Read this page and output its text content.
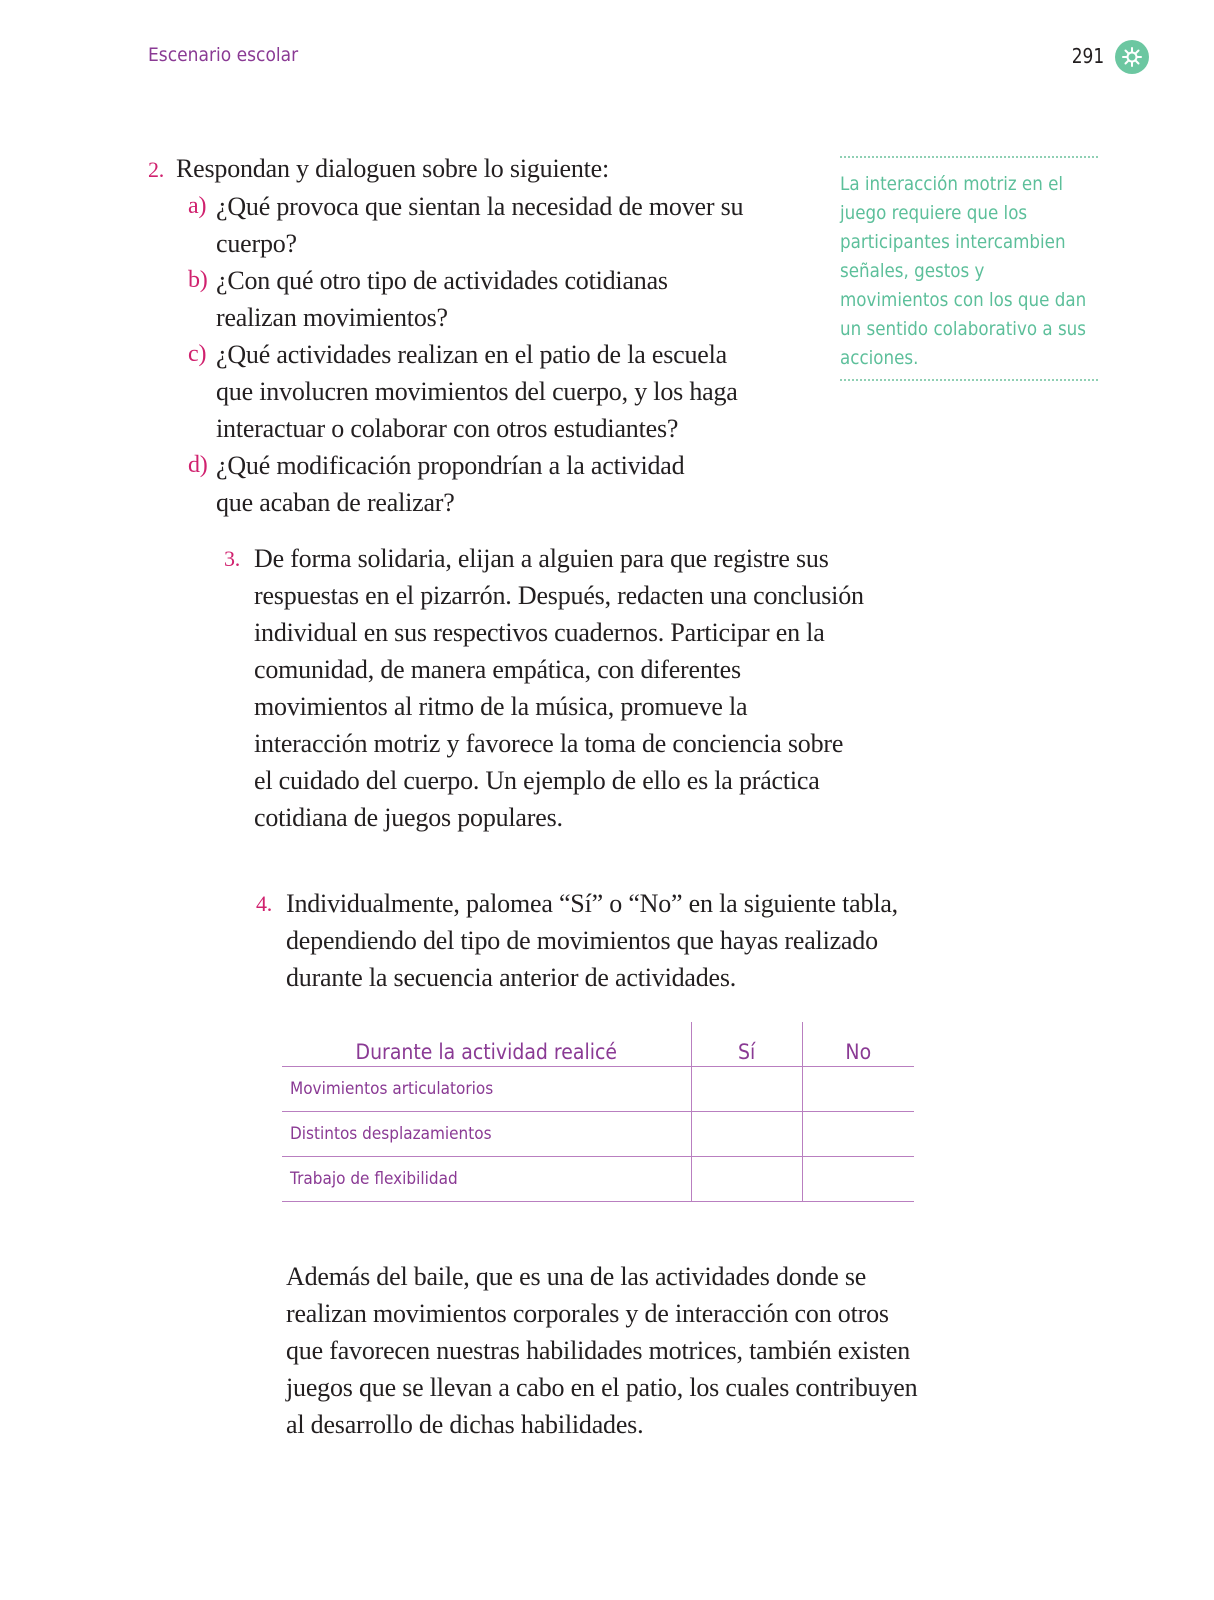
Escenario escolar	291
2. Respondan y dialoguen sobre lo siguiente:
a) ¿Qué provoca que sientan la necesidad de mover su cuerpo?
b) ¿Con qué otro tipo de actividades cotidianas realizan movimientos?
c) ¿Qué actividades realizan en el patio de la escuela que involucren movimientos del cuerpo, y los haga interactuar o colaborar con otros estudiantes?
d) ¿Qué modificación propondrían a la actividad que acaban de realizar?
La interacción motriz en el juego requiere que los participantes intercambien señales, gestos y movimientos con los que dan un sentido colaborativo a sus acciones.
3. De forma solidaria, elijan a alguien para que registre sus respuestas en el pizarrón. Después, redacten una conclusión individual en sus respectivos cuadernos. Participar en la comunidad, de manera empática, con diferentes movimientos al ritmo de la música, promueve la interacción motriz y favorece la toma de conciencia sobre el cuidado del cuerpo. Un ejemplo de ello es la práctica cotidiana de juegos populares.
4. Individualmente, palomea “Sí” o “No” en la siguiente tabla, dependiendo del tipo de movimientos que hayas realizado durante la secuencia anterior de actividades.
Durante la actividad realicé	Sí	No
Movimientos articulatorios		
Distintos desplazamientos		
Trabajo de flexibilidad		

Además del baile, que es una de las actividades donde se realizan movimientos corporales y de interacción con otros que favorecen nuestras habilidades motrices, también existen juegos que se llevan a cabo en el patio, los cuales contribuyen al desarrollo de dichas habilidades.
